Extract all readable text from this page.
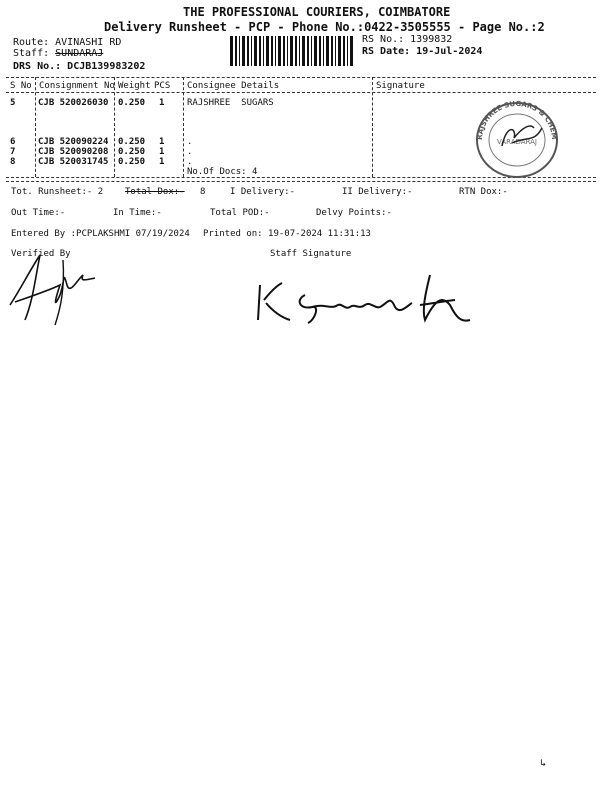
THE PROFESSIONAL COURIERS, COIMBATORE
Delivery Runsheet - PCP - Phone No.:0422-3505555 - Page No.:2
Route: AVINASHI RD
Staff: SUNDARAJ
DRS No.: DCJB139983202
RS No.: 1399832
RS Date: 19-Jul-2024
S No Consignment No Weight PCS Consignee Details	Signature
5	CJB 520026030 0.250 1	RAJSHREE  SUGARS
6	CJB 520090224 0.250 1	.
7	CJB 520090208 0.250 1	.
8	CJB 520031745 0.250 1	.
No.Of Docs: 4
RAJSHREE SUGARS & CHEMICALS LTD.
VARADARAJ
Tot. Runsheet:- 2 Total Dox:- 8	I Delivery:-	II Delivery:-	RTN Dox:-
Out Time:-	In Time:-	Total POD:-	Delvy Points:-
Entered By :PCPLAKSHMI 07/19/2024 Printed on: 19-07-2024 11:31:13
Verified By	Staff Signature
↳
